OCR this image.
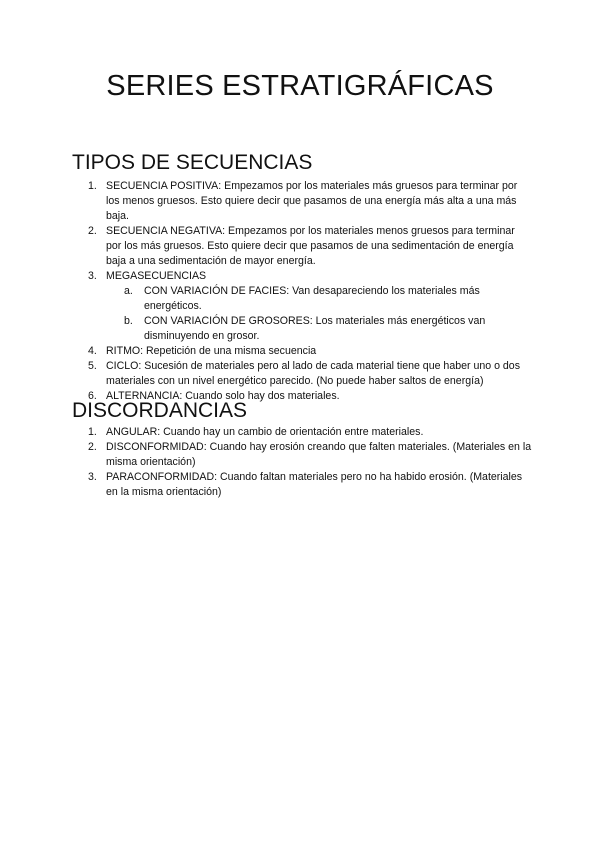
SERIES ESTRATIGRÁFICAS
TIPOS DE SECUENCIAS
1. SECUENCIA POSITIVA: Empezamos por los materiales más gruesos para terminar por los menos gruesos. Esto quiere decir que pasamos de una energía más alta a una más baja.
2. SECUENCIA NEGATIVA: Empezamos por los materiales menos gruesos para terminar por los más gruesos. Esto quiere decir que pasamos de una sedimentación de energía baja a una sedimentación de mayor energía.
3. MEGASECUENCIAS
a. CON VARIACIÓN DE FACIES: Van desapareciendo los materiales más energéticos.
b. CON VARIACIÓN DE GROSORES: Los materiales más energéticos van disminuyendo en grosor.
4. RITMO: Repetición de una misma secuencia
5. CICLO: Sucesión de materiales pero al lado de cada material tiene que haber uno o dos materiales con un nivel energético parecido. (No puede haber saltos de energía)
6. ALTERNANCIA: Cuando solo hay dos materiales.
DISCORDANCIAS
1. ANGULAR: Cuando hay un cambio de orientación entre materiales.
2. DISCONFORMIDAD: Cuando hay erosión creando que falten materiales. (Materiales en la misma orientación)
3. PARACONFORMIDAD: Cuando faltan materiales pero no ha habido erosión. (Materiales en la misma orientación)
